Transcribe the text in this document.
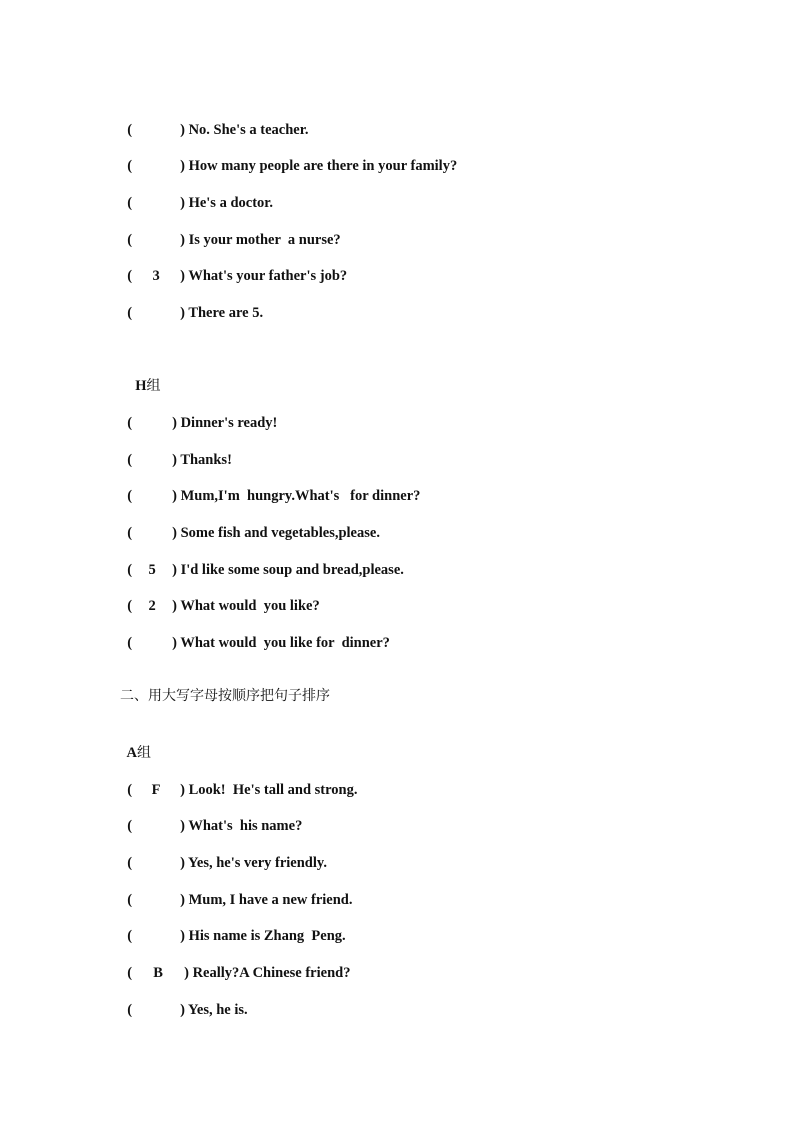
(	) No. She's a teacher.

(	) How many people are there in your family?

(	) He's a doctor.

(	) Is your mother  a nurse?

( 3 ) What's your father's job?

(	) There are 5.

H组

(	) Dinner's ready!

(	) Thanks!

(	) Mum,I'm  hungry.What's   for dinner?

(	) Some fish and vegetables,please.

( 5 ) I'd like some soup and bread,please.

( 2 ) What would  you like?

(	) What would  you like for  dinner?

二、用大写字母按顺序把句子排序

A组

( F ) Look!  He's tall and strong.

(	) What's  his name?

(	) Yes, he's very friendly.

(	) Mum, I have a new friend.

(	) His name is Zhang  Peng.

( B ) Really?A Chinese friend?

(	) Yes, he is.
